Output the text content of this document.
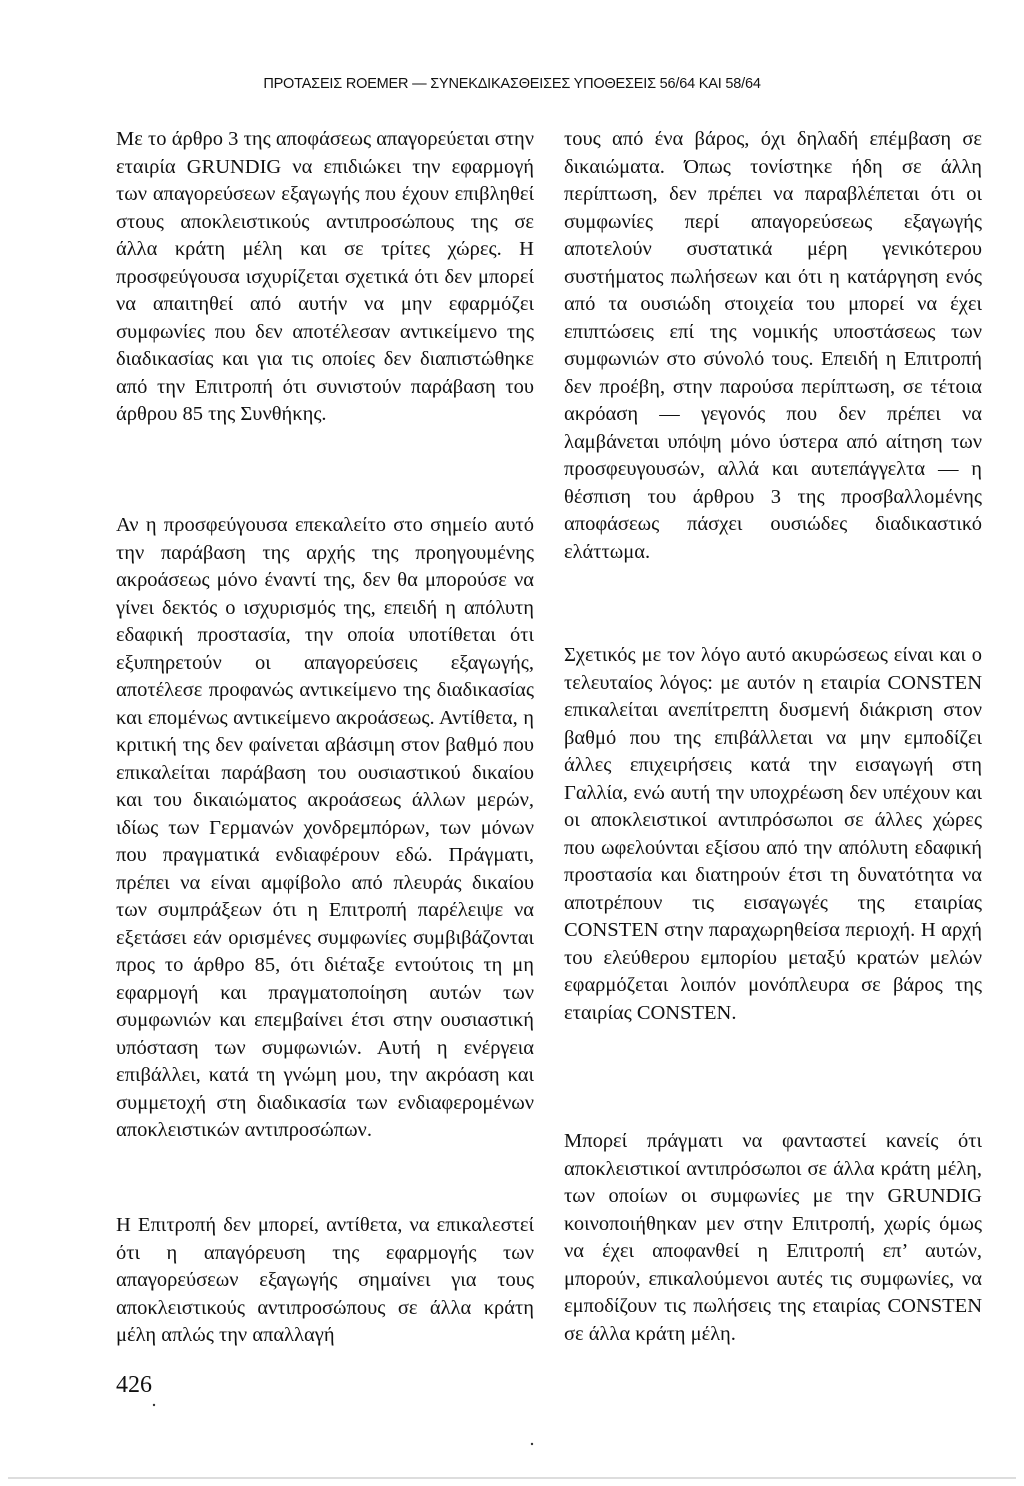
ΠΡΟΤΑΣΕΙΣ ROEMER — ΣΥΝΕΚΔΙΚΑΣΘΕΙΣΕΣ ΥΠΟΘΕΣΕΙΣ 56/64 ΚΑΙ 58/64

Με το άρθρο 3 της αποφάσεως απαγορεύεται στην εταιρία GRUNDIG να επιδιώκει την εφαρμογή των απαγορεύσεων εξαγωγής που έχουν επιβληθεί στους αποκλειστικούς αντιπροσώπους της σε άλλα κράτη μέλη και σε τρίτες χώρες. Η προσφεύγουσα ισχυρίζεται σχετικά ότι δεν μπορεί να απαιτηθεί από αυτήν να μην εφαρμόζει συμφωνίες που δεν αποτέλεσαν αντικείμενο της διαδικασίας και για τις οποίες δεν διαπιστώθηκε από την Επιτροπή ότι συνιστούν παράβαση του άρθρου 85 της Συνθήκης.

Αν η προσφεύγουσα επεκαλείτο στο σημείο αυτό την παράβαση της αρχής της προηγουμένης ακροάσεως μόνο έναντί της, δεν θα μπορούσε να γίνει δεκτός ο ισχυρισμός της, επειδή η απόλυτη εδαφική προστασία, την οποία υποτίθεται ότι εξυπηρετούν οι απαγορεύσεις εξαγωγής, αποτέλεσε προφανώς αντικείμενο της διαδικασίας και επομένως αντικείμενο ακροάσεως. Αντίθετα, η κριτική της δεν φαίνεται αβάσιμη στον βαθμό που επικαλείται παράβαση του ουσιαστικού δικαίου και του δικαιώματος ακροάσεως άλλων μερών, ιδίως των Γερμανών χονδρεμπόρων, των μόνων που πραγματικά ενδιαφέρουν εδώ. Πράγματι, πρέπει να είναι αμφίβολο από πλευράς δικαίου των συμπράξεων ότι η Επιτροπή παρέλειψε να εξετάσει εάν ορισμένες συμφωνίες συμβιβάζονται προς το άρθρο 85, ότι διέταξε εντούτοις τη μη εφαρμογή και πραγματοποίηση αυτών των συμφωνιών και επεμβαίνει έτσι στην ουσιαστική υπόσταση των συμφωνιών. Αυτή η ενέργεια επιβάλλει, κατά τη γνώμη μου, την ακρόαση και συμμετοχή στη διαδικασία των ενδιαφερομένων αποκλειστικών αντιπροσώπων.

Η Επιτροπή δεν μπορεί, αντίθετα, να επικαλεστεί ότι η απαγόρευση της εφαρμογής των απαγορεύσεων εξαγωγής σημαίνει για τους αποκλειστικούς αντιπροσώπους σε άλλα κράτη μέλη απλώς την απαλλαγή

τους από ένα βάρος, όχι δηλαδή επέμβαση σε δικαιώματα. Όπως τονίστηκε ήδη σε άλλη περίπτωση, δεν πρέπει να παραβλέπεται ότι οι συμφωνίες περί απαγορεύσεως εξαγωγής αποτελούν συστατικά μέρη γενικότερου συστήματος πωλήσεων και ότι η κατάργηση ενός από τα ουσιώδη στοιχεία του μπορεί να έχει επιπτώσεις επί της νομικής υποστάσεως των συμφωνιών στο σύνολό τους. Επειδή η Επιτροπή δεν προέβη, στην παρούσα περίπτωση, σε τέτοια ακρόαση — γεγονός που δεν πρέπει να λαμβάνεται υπόψη μόνο ύστερα από αίτηση των προσφευγουσών, αλλά και αυτεπάγγελτα — η θέσπιση του άρθρου 3 της προσβαλλομένης αποφάσεως πάσχει ουσιώδες διαδικαστικό ελάττωμα.

Σχετικός με τον λόγο αυτό ακυρώσεως είναι και ο τελευταίος λόγος: με αυτόν η εταιρία CONSTEN επικαλείται ανεπίτρεπτη δυσμενή διάκριση στον βαθμό που της επιβάλλεται να μην εμποδίζει άλλες επιχειρήσεις κατά την εισαγωγή στη Γαλλία, ενώ αυτή την υποχρέωση δεν υπέχουν και οι αποκλειστικοί αντιπρόσωποι σε άλλες χώρες που ωφελούνται εξίσου από την απόλυτη εδαφική προστασία και διατηρούν έτσι τη δυνατότητα να αποτρέπουν τις εισαγωγές της εταιρίας CONSTEN στην παραχωρηθείσα περιοχή. Η αρχή του ελεύθερου εμπορίου μεταξύ κρατών μελών εφαρμόζεται λοιπόν μονόπλευρα σε βάρος της εταιρίας CONSTEN.

Μπορεί πράγματι να φανταστεί κανείς ότι αποκλειστικοί αντιπρόσωποι σε άλλα κράτη μέλη, των οποίων οι συμφωνίες με την GRUNDIG κοινοποιήθηκαν μεν στην Επιτροπή, χωρίς όμως να έχει αποφανθεί η Επιτροπή επ’ αυτών, μπορούν, επικαλούμενοι αυτές τις συμφωνίες, να εμποδίζουν τις πωλήσεις της εταιρίας CONSTEN σε άλλα κράτη μέλη.

426
